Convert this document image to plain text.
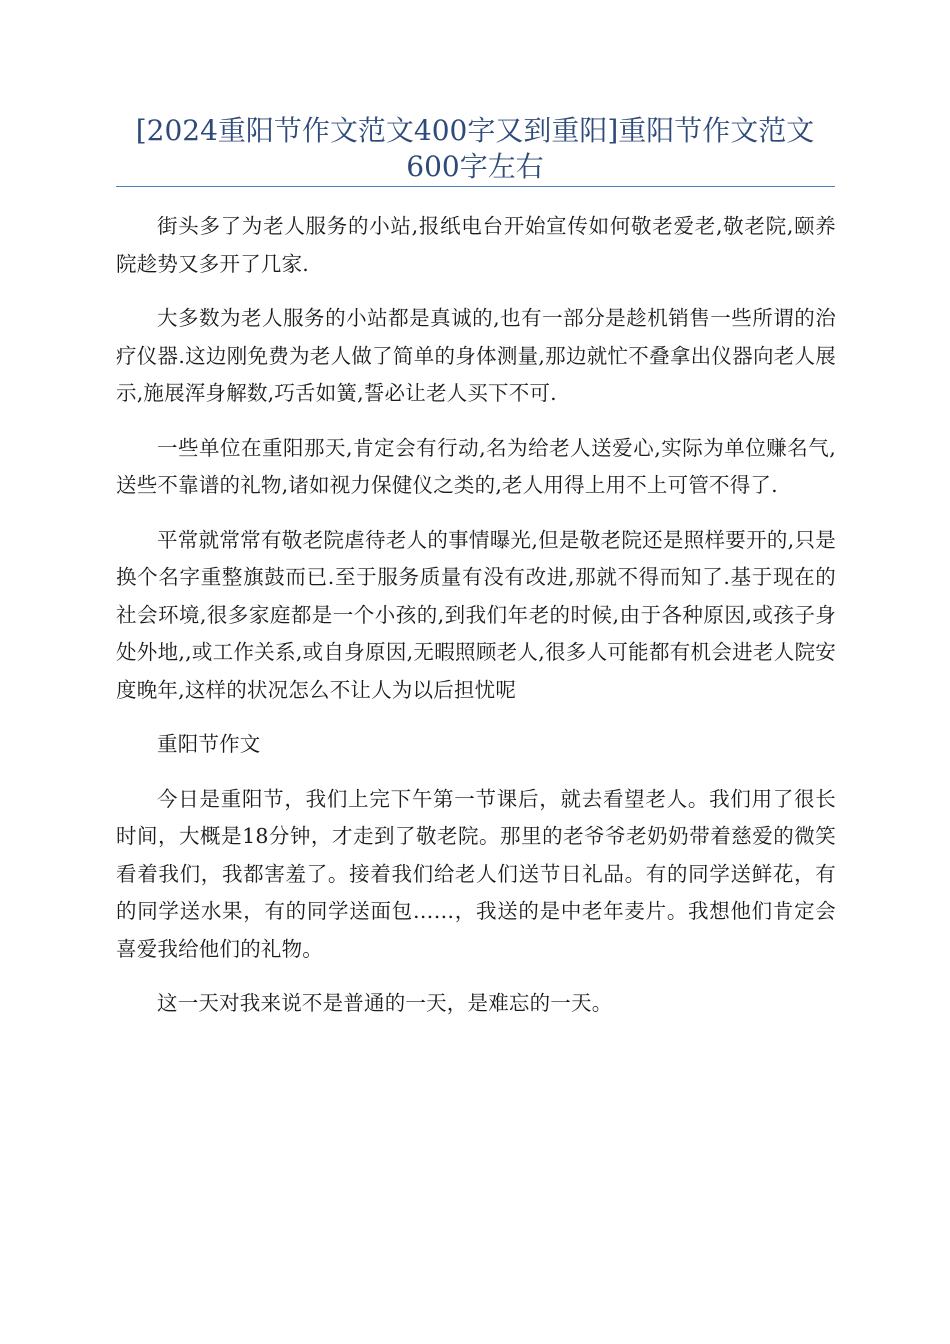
[2024重阳节作文范文400字又到重阳]重阳节作文范文600字左右

街头多了为老人服务的小站,报纸电台开始宣传如何敬老爱老,敬老院,颐养院趁势又多开了几家.

大多数为老人服务的小站都是真诚的,也有一部分是趁机销售一些所谓的治疗仪器.这边刚免费为老人做了简单的身体测量,那边就忙不叠拿出仪器向老人展示,施展浑身解数,巧舌如簧,誓必让老人买下不可.

一些单位在重阳那天,肯定会有行动,名为给老人送爱心,实际为单位赚名气,送些不靠谱的礼物,诸如视力保健仪之类的,老人用得上用不上可管不得了.

平常就常常有敬老院虐待老人的事情曝光,但是敬老院还是照样要开的,只是换个名字重整旗鼓而已.至于服务质量有没有改进,那就不得而知了.基于现在的社会环境,很多家庭都是一个小孩的,到我们年老的时候,由于各种原因,或孩子身处外地,,或工作关系,或自身原因,无暇照顾老人,很多人可能都有机会进老人院安度晚年,这样的状况怎么不让人为以后担忧呢

重阳节作文

今日是重阳节，我们上完下午第一节课后，就去看望老人。我们用了很长时间，大概是18分钟，才走到了敬老院。那里的老爷爷老奶奶带着慈爱的微笑看着我们，我都害羞了。接着我们给老人们送节日礼品。有的同学送鲜花，有的同学送水果，有的同学送面包……，我送的是中老年麦片。我想他们肯定会喜爱我给他们的礼物。

这一天对我来说不是普通的一天，是难忘的一天。
